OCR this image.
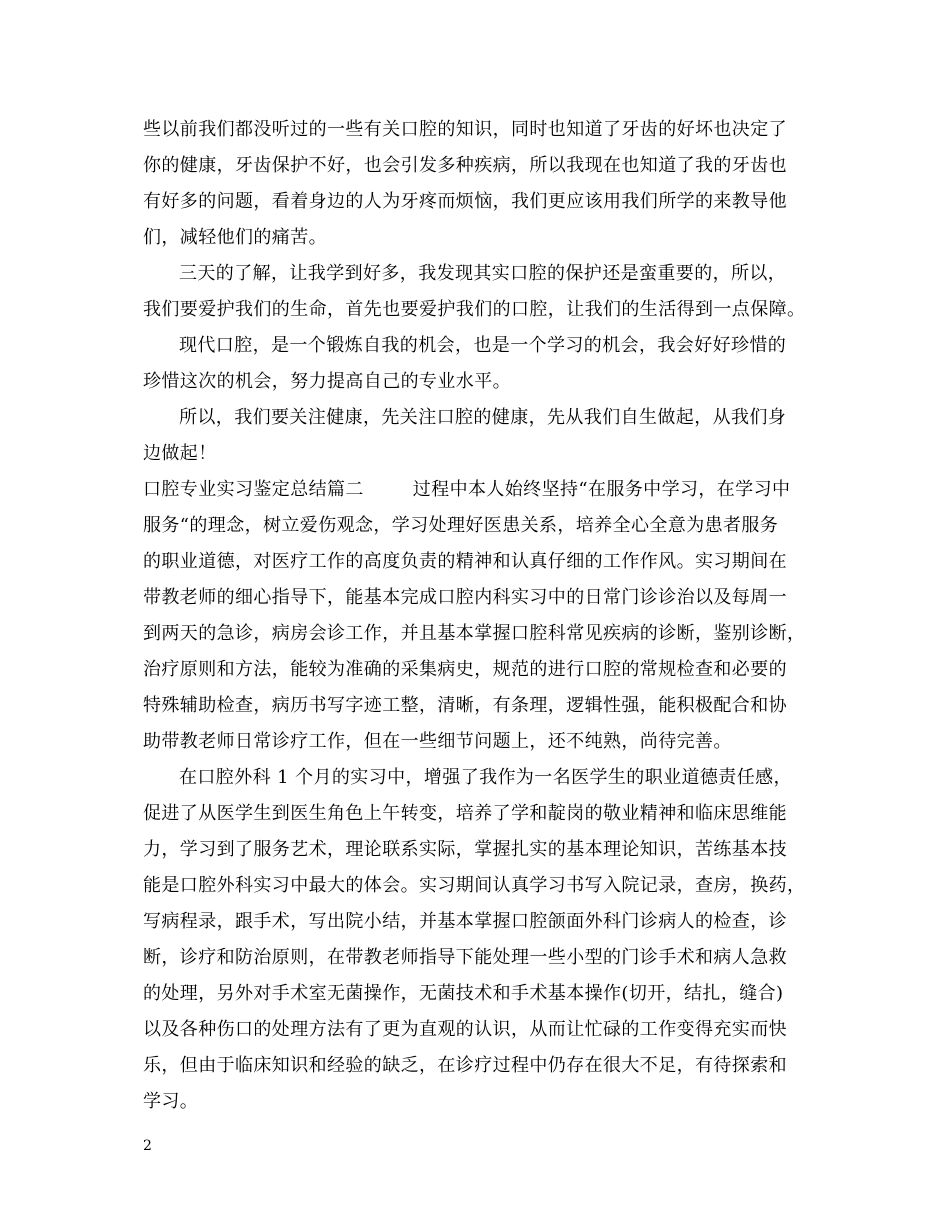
些以前我们都没听过的一些有关口腔的知识，同时也知道了牙齿的好坏也决定了
你的健康，牙齿保护不好，也会引发多种疾病，所以我现在也知道了我的牙齿也
有好多的问题，看着身边的人为牙疼而烦恼，我们更应该用我们所学的来教导他
们，减轻他们的痛苦。
三天的了解，让我学到好多，我发现其实口腔的保护还是蛮重要的，所以，
我们要爱护我们的生命，首先也要爱护我们的口腔，让我们的生活得到一点保障。
现代口腔，是一个锻炼自我的机会，也是一个学习的机会，我会好好珍惜的
珍惜这次的机会，努力提高自己的专业水平。
所以，我们要关注健康，先关注口腔的健康，先从我们自生做起，从我们身
边做起！
口腔专业实习鉴定总结篇二        过程中本人始终坚持“在服务中学习，在学习中
服务“的理念，树立爱伤观念，学习处理好医患关系，培养全心全意为患者服务
的职业道德，对医疗工作的高度负责的精神和认真仔细的工作作风。实习期间在
带教老师的细心指导下，能基本完成口腔内科实习中的日常门诊诊治以及每周一
到两天的急诊，病房会诊工作，并且基本掌握口腔科常见疾病的诊断，鉴别诊断，
治疗原则和方法，能较为准确的采集病史，规范的进行口腔的常规检查和必要的
特殊辅助检查，病历书写字迹工整，清晰，有条理，逻辑性强，能积极配合和协
助带教老师日常诊疗工作，但在一些细节问题上，还不纯熟，尚待完善。
在口腔外科 1 个月的实习中，增强了我作为一名医学生的职业道德责任感，
促进了从医学生到医生角色上午转变，培养了学和靛岗的敬业精神和临床思维能
力，学习到了服务艺术，理论联系实际，掌握扎实的基本理论知识，苦练基本技
能是口腔外科实习中最大的体会。实习期间认真学习书写入院记录，查房，换药，
写病程录，跟手术，写出院小结，并基本掌握口腔颌面外科门诊病人的检查，诊
断，诊疗和防治原则，在带教老师指导下能处理一些小型的门诊手术和病人急救
的处理，另外对手术室无菌操作，无菌技术和手术基本操作(切开，结扎，缝合)
以及各种伤口的处理方法有了更为直观的认识，从而让忙碌的工作变得充实而快
乐，但由于临床知识和经验的缺乏，在诊疗过程中仍存在很大不足，有待探索和
学习。
2
